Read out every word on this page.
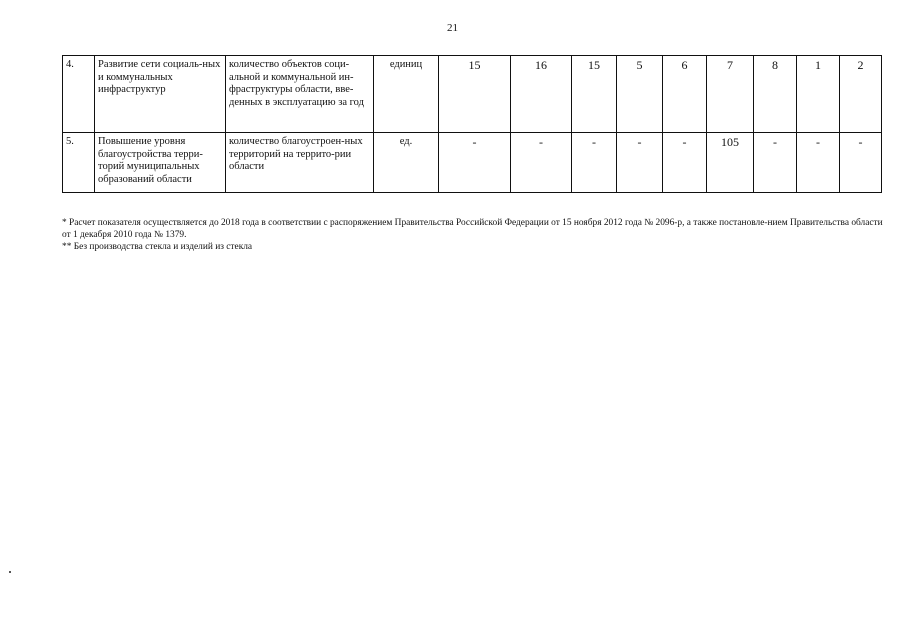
21
4.	Развитие сети социаль-ных и коммунальных инфраструктур	количество объектов соци-альной и коммунальной ин-фраструктуры области, вве-денных в эксплуатацию за год	единиц	15	16	15	5	6	7	8	1	2
5.	Повышение уровня благоустройства терри-торий муниципальных образований области	количество благоустроен-ных территорий на террито-рии области	ед.	-	-	-	-	-	105	-	-	-

* Расчет показателя осуществляется до 2018 года в соответствии с распоряжением Правительства Российской Федерации от 15 ноября 2012 года № 2096-р, а также постановле-нием Правительства области от 1 декабря 2010 года № 1379.

** Без производства стекла и изделий из стекла
